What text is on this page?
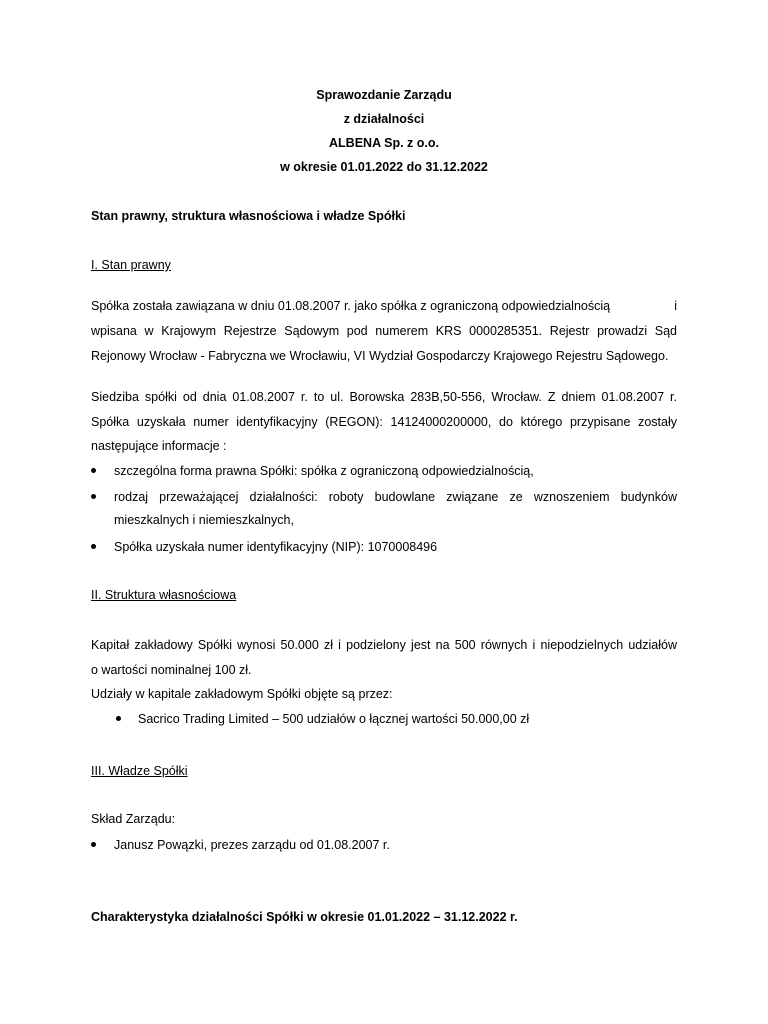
Sprawozdanie Zarządu
z działalności
ALBENA Sp. z o.o.
w okresie 01.01.2022 do 31.12.2022
Stan prawny, struktura własnościowa i władze Spółki
I. Stan prawny
Spółka została zawiązana w dniu 01.08.2007 r. jako spółka z ograniczoną odpowiedzialnością	i
wpisana w Krajowym Rejestrze Sądowym pod numerem KRS 0000285351. Rejestr prowadzi Sąd
Rejonowy Wrocław - Fabryczna we Wrocławiu, VI Wydział Gospodarczy Krajowego Rejestru Sądowego.
Siedziba spółki od dnia 01.08.2007 r. to ul. Borowska 283B,50-556, Wrocław. Z dniem 01.08.2007 r.
Spółka uzyskała numer identyfikacyjny (REGON): 14124000200000, do którego przypisane zostały
następujące informacje :
szczególna forma prawna Spółki: spółka z ograniczoną odpowiedzialnością,
rodzaj przeważającej działalności: roboty budowlane związane ze wznoszeniem budynków
mieszkalnych i niemieszkalnych,
Spółka uzyskała numer identyfikacyjny (NIP): 1070008496
II. Struktura własnościowa
Kapitał zakładowy Spółki wynosi 50.000 zł i podzielony jest na 500 równych i niepodzielnych udziałów
o wartości nominalnej 100 zł.
Udziały w kapitale zakładowym Spółki objęte są przez:
Sacrico Trading Limited – 500 udziałów o łącznej wartości 50.000,00 zł
III. Władze Spółki
Skład Zarządu:
Janusz Powązki, prezes zarządu od 01.08.2007 r.
Charakterystyka działalności Spółki w okresie 01.01.2022 – 31.12.2022 r.
